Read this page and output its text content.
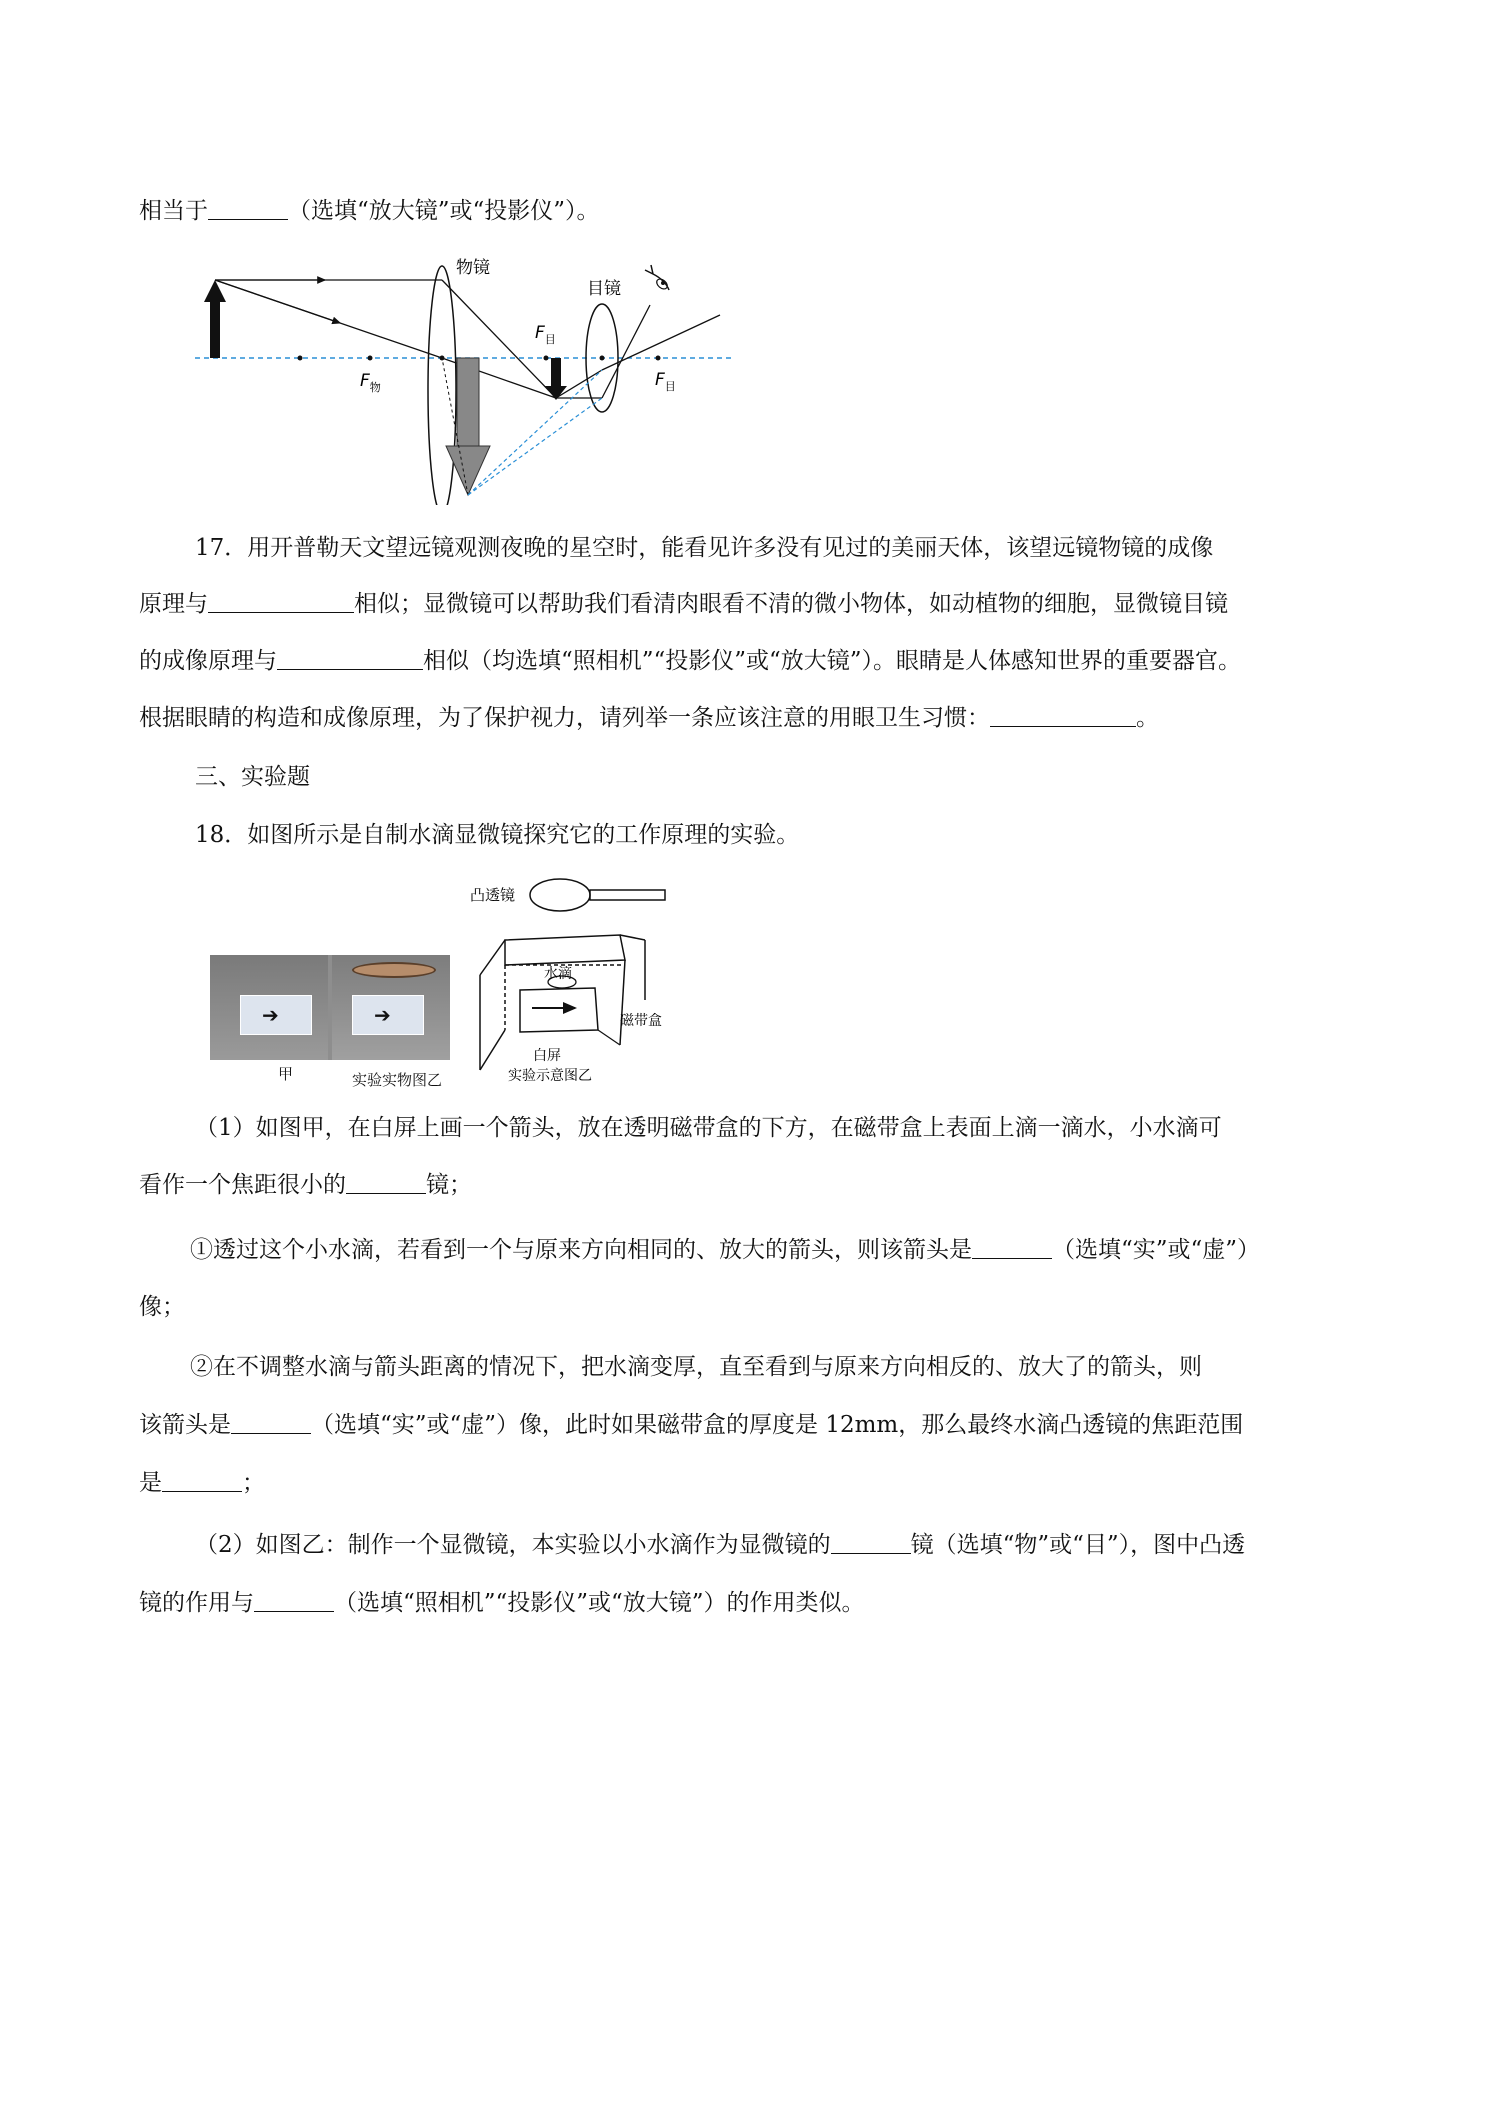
相当于	（选填“放大镜”或“投影仪”）。
物镜
目镜
$F_物$
$F_目$
$F_目$
17．用开普勒天文望远镜观测夜晚的星空时，能看见许多没有见过的美丽天体，该望远镜物镜的成像
原理与	相似；显微镜可以帮助我们看清肉眼看不清的微小物体，如动植物的细胞，显微镜目镜
的成像原理与	相似（均选填“照相机”“投影仪”或“放大镜”）。眼睛是人体感知世界的重要器官。
根据眼睛的构造和成像原理，为了保护视力，请列举一条应该注意的用眼卫生习惯：	。
三、实验题
18．如图所示是自制水滴显微镜探究它的工作原理的实验。
➔	➔
甲	实验实物图乙
凸透镜
水滴
磁带盒
白屏
实验示意图乙
（1）如图甲，在白屏上画一个箭头，放在透明磁带盒的下方，在磁带盒上表面上滴一滴水，小水滴可
看作一个焦距很小的	镜；
①透过这个小水滴，若看到一个与原来方向相同的、放大的箭头，则该箭头是	（选填“实”或“虚”）
像；
②在不调整水滴与箭头距离的情况下，把水滴变厚，直至看到与原来方向相反的、放大了的箭头，则
该箭头是	（选填“实”或“虚”）像，此时如果磁带盒的厚度是 12mm，那么最终水滴凸透镜的焦距范围
是	；
（2）如图乙：制作一个显微镜，本实验以小水滴作为显微镜的	镜（选填“物”或“目”），图中凸透
镜的作用与	（选填“照相机”“投影仪”或“放大镜”）的作用类似。
